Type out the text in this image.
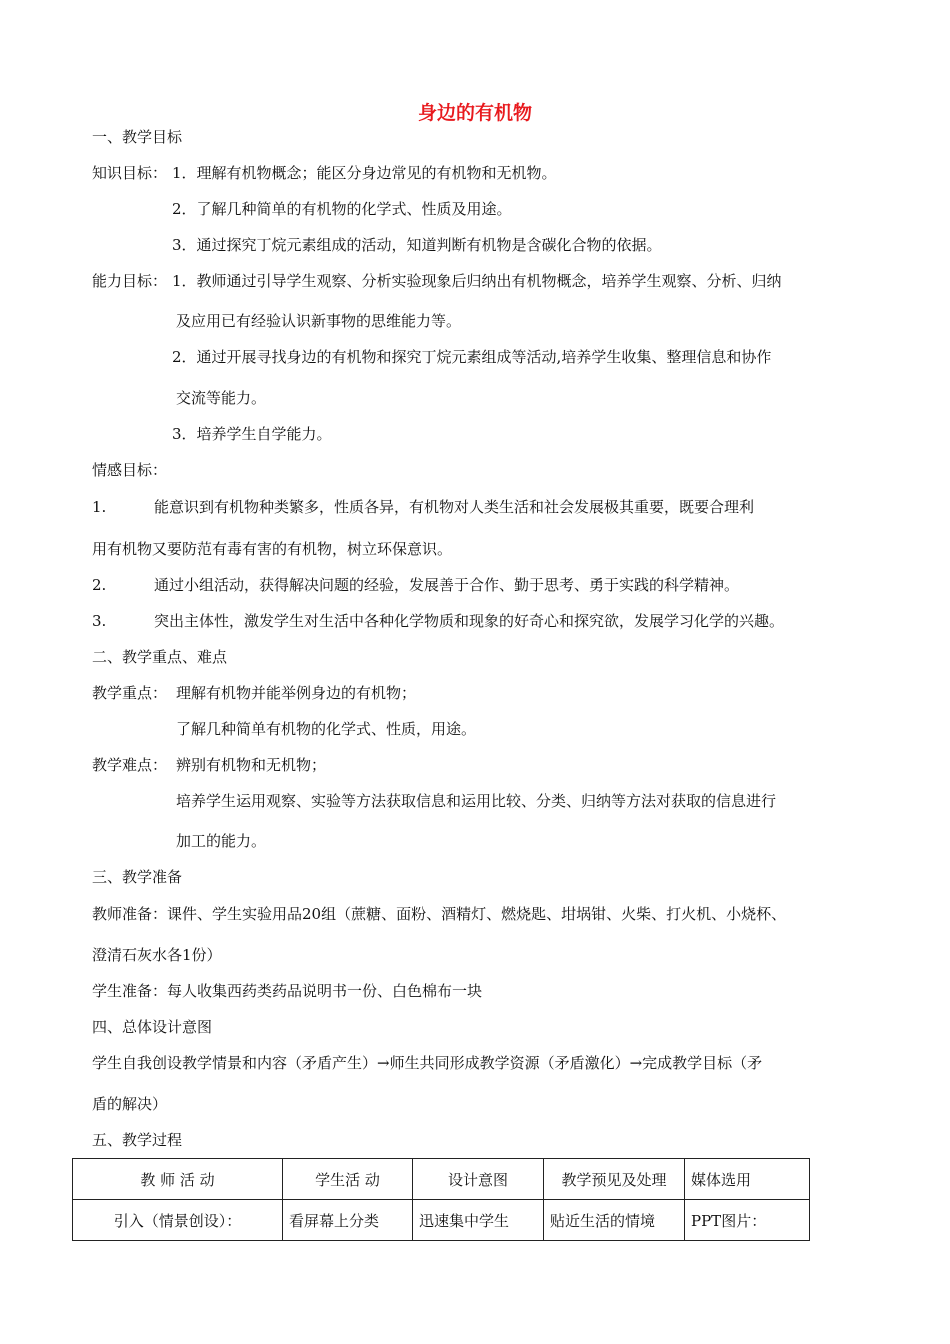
身边的有机物
一、教学目标
知识目标： 1．理解有机物概念；能区分身边常见的有机物和无机物。
2．了解几种简单的有机物的化学式、性质及用途。
3．通过探究丁烷元素组成的活动，知道判断有机物是含碳化合物的依据。
能力目标： 1．教师通过引导学生观察、分析实验现象后归纳出有机物概念，培养学生观察、分析、归纳
及应用已有经验认识新事物的思维能力等。
2．通过开展寻找身边的有机物和探究丁烷元素组成等活动,培养学生收集、整理信息和协作
交流等能力。
3．培养学生自学能力。
情感目标：
1.	能意识到有机物种类繁多，性质各异，有机物对人类生活和社会发展极其重要，既要合理利
用有机物又要防范有毒有害的有机物，树立环保意识。
2.	通过小组活动，获得解决问题的经验，发展善于合作、勤于思考、勇于实践的科学精神。
3.	突出主体性，激发学生对生活中各种化学物质和现象的好奇心和探究欲，发展学习化学的兴趣。
二、教学重点、难点
教学重点： 理解有机物并能举例身边的有机物；
了解几种简单有机物的化学式、性质，用途。
教学难点： 辨别有机物和无机物；
培养学生运用观察、实验等方法获取信息和运用比较、分类、归纳等方法对获取的信息进行
加工的能力。
三、教学准备
教师准备：课件、学生实验用品20组（蔗糖、面粉、酒精灯、燃烧匙、坩埚钳、火柴、打火机、小烧杯、
澄清石灰水各1份）
学生准备：每人收集西药类药品说明书一份、白色棉布一块
四、总体设计意图
学生自我创设教学情景和内容（矛盾产生）→师生共同形成教学资源（矛盾激化）→完成教学目标（矛
盾的解决）
五、教学过程
教 师 活 动	学生活 动	设计意图	教学预见及处理	媒体选用
引入（情景创设）：	看屏幕上分类	迅速集中学生	贴近生活的情境	PPT图片：
